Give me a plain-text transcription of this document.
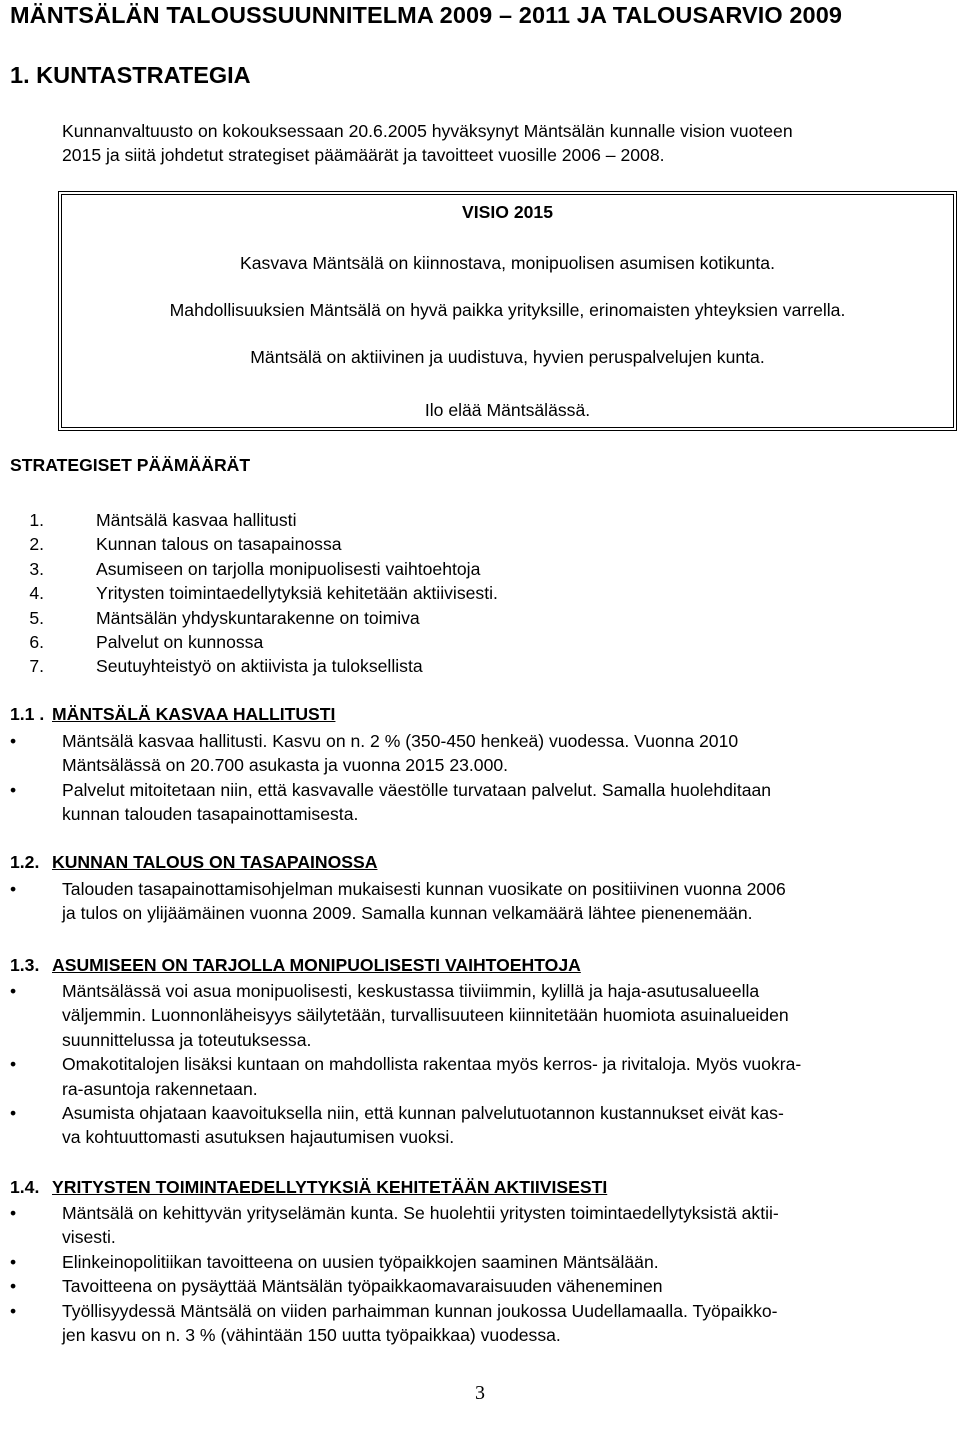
MÄNTSÄLÄN TALOUSSUUNNITELMA 2009 – 2011 JA TALOUSARVIO 2009
1. KUNTASTRATEGIA
Kunnanvaltuusto on kokouksessaan 20.6.2005 hyväksynyt Mäntsälän kunnalle vision vuoteen
2015 ja siitä johdetut strategiset päämäärät ja tavoitteet vuosille 2006 – 2008.
VISIO 2015
Kasvava Mäntsälä on kiinnostava, monipuolisen asumisen kotikunta.
Mahdollisuuksien Mäntsälä on hyvä paikka yrityksille, erinomaisten yhteyksien varrella.
Mäntsälä on aktiivinen ja uudistuva, hyvien peruspalvelujen kunta.
Ilo elää Mäntsälässä.
STRATEGISET PÄÄMÄÄRÄT
1.	Mäntsälä kasvaa hallitusti
2.	Kunnan talous on tasapainossa
3.	Asumiseen on tarjolla monipuolisesti vaihtoehtoja
4.	Yritysten toimintaedellytyksiä kehitetään aktiivisesti.
5.	Mäntsälän yhdyskuntarakenne on toimiva
6.	Palvelut on kunnossa
7.	Seutuyhteistyö on aktiivista ja tuloksellista
1.1 . MÄNTSÄLÄ KASVAA HALLITUSTI
• Mäntsälä kasvaa hallitusti. Kasvu on n. 2 % (350-450 henkeä) vuodessa. Vuonna 2010
Mäntsälässä on 20.700 asukasta ja vuonna 2015 23.000.
• Palvelut mitoitetaan niin, että kasvavalle väestölle turvataan palvelut. Samalla huolehditaan
kunnan talouden tasapainottamisesta.
1.2. KUNNAN TALOUS ON TASAPAINOSSA
• Talouden tasapainottamisohjelman mukaisesti kunnan vuosikate on positiivinen vuonna 2006
ja tulos on ylijäämäinen vuonna 2009. Samalla kunnan velkamäärä lähtee pienenemään.
1.3. ASUMISEEN ON TARJOLLA MONIPUOLISESTI VAIHTOEHTOJA
• Mäntsälässä voi asua monipuolisesti, keskustassa tiiviimmin, kylillä ja haja-asutusalueella
väljemmin. Luonnonläheisyys säilytetään, turvallisuuteen kiinnitetään huomiota asuinalueiden
suunnittelussa ja toteutuksessa.
• Omakotitalojen lisäksi kuntaan on mahdollista rakentaa myös kerros- ja rivitaloja. Myös vuokra-
ra-asuntoja rakennetaan.
• Asumista ohjataan kaavoituksella niin, että kunnan palvelutuotannon kustannukset eivät kas-
va kohtuuttomasti asutuksen hajautumisen vuoksi.
1.4. YRITYSTEN TOIMINTAEDELLYTYKSIÄ KEHITETÄÄN AKTIIVISESTI
• Mäntsälä on kehittyvän yrityselämän kunta. Se huolehtii yritysten toimintaedellytyksistä aktii-
visesti.
• Elinkeinopolitiikan tavoitteena on uusien työpaikkojen saaminen Mäntsälään.
• Tavoitteena on pysäyttää Mäntsälän työpaikkaomavaraisuuden väheneminen
• Työllisyydessä Mäntsälä on viiden parhaimman kunnan joukossa Uudellamaalla. Työpaikko-
jen kasvu on n. 3 % (vähintään 150 uutta työpaikkaa) vuodessa.
3
